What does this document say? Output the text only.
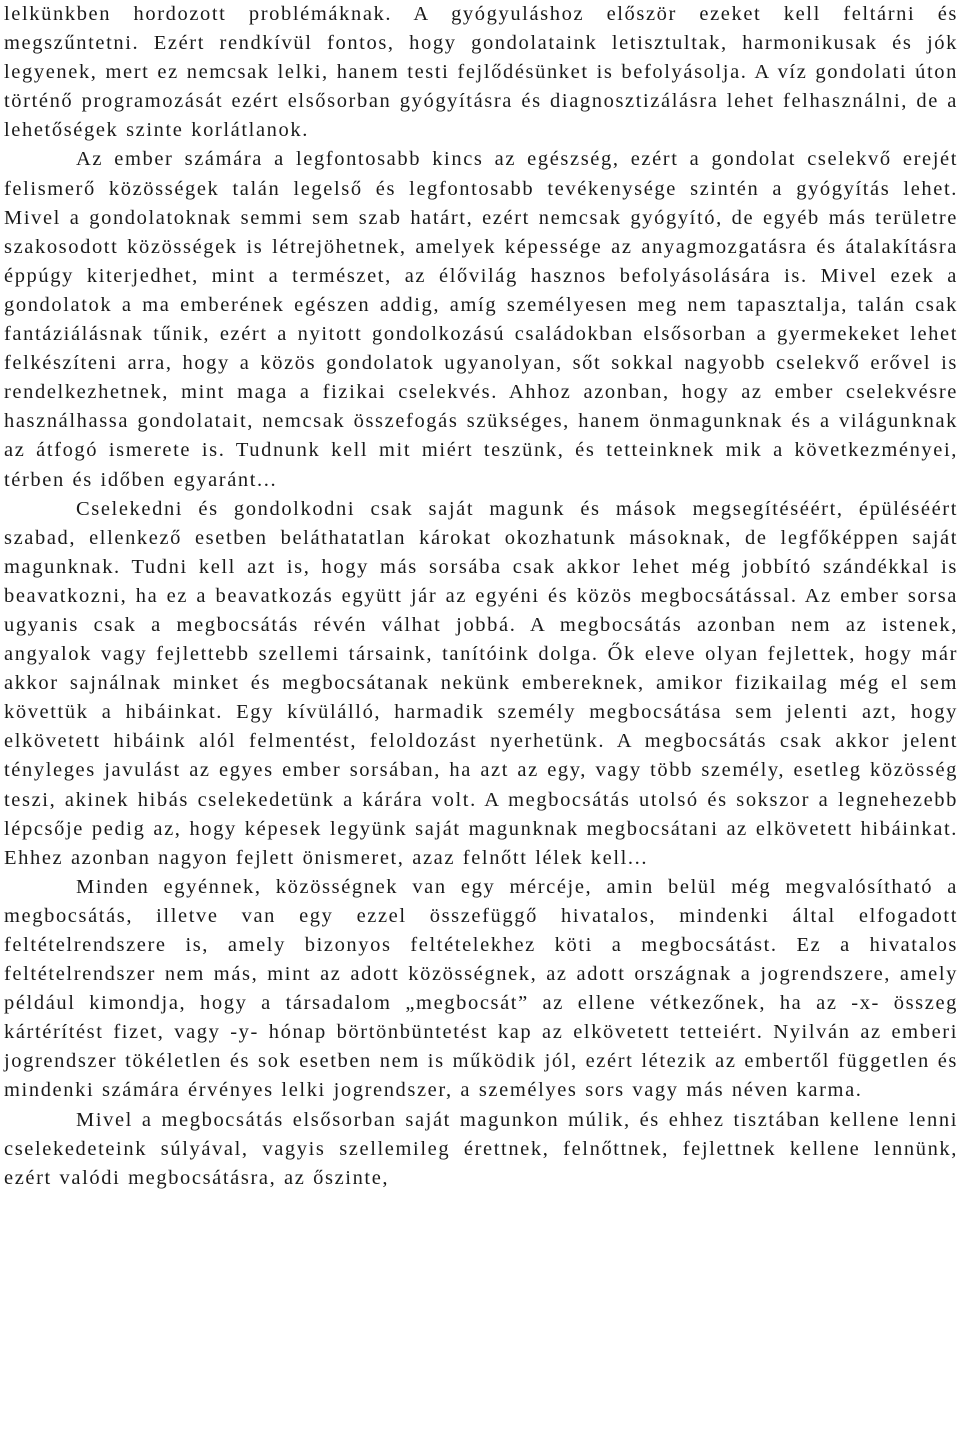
lelkünkben hordozott problémáknak. A gyógyuláshoz először ezeket kell feltárni és megszűntetni. Ezért rendkívül fontos, hogy gondolataink letisztultak, harmonikusak és jók legyenek, mert ez nemcsak lelki, hanem testi fejlődésünket is befolyásolja. A víz gondolati úton történő programozását ezért elsősorban gyógyításra és diagnosztizálásra lehet felhasználni, de a lehetőségek szinte korlátlanok.

Az ember számára a legfontosabb kincs az egészség, ezért a gondolat cselekvő erejét felismerő közösségek talán legelső és legfontosabb tevékenysége szintén a gyógyítás lehet. Mivel a gondolatoknak semmi sem szab határt, ezért nemcsak gyógyító, de egyéb más területre szakosodott közösségek is létrejöhetnek, amelyek képessége az anyagmozgatásra és átalakításra éppúgy kiterjedhet, mint a természet, az élővilág hasznos befolyásolására is. Mivel ezek a gondolatok a ma emberének egészen addig, amíg személyesen meg nem tapasztalja, talán csak fantáziálásnak tűnik, ezért a nyitott gondolkozású családokban elsősorban a gyermekeket lehet felkészíteni arra, hogy a közös gondolatok ugyanolyan, sőt sokkal nagyobb cselekvő erővel is rendelkezhetnek, mint maga a fizikai cselekvés. Ahhoz azonban, hogy az ember cselekvésre használhassa gondolatait, nemcsak összefogás szükséges, hanem önmagunknak és a világunknak az átfogó ismerete is. Tudnunk kell mit miért teszünk, és tetteinknek mik a következményei, térben és időben egyaránt...

Cselekedni és gondolkodni csak saját magunk és mások megsegítéséért, épüléséért szabad, ellenkező esetben beláthatatlan károkat okozhatunk másoknak, de legfőképpen saját magunknak. Tudni kell azt is, hogy más sorsába csak akkor lehet még jobbító szándékkal is beavatkozni, ha ez a beavatkozás együtt jár az egyéni és közös megbocsátással. Az ember sorsa ugyanis csak a megbocsátás révén válhat jobbá. A megbocsátás azonban nem az istenek, angyalok vagy fejlettebb szellemi társaink, tanítóink dolga. Ők eleve olyan fejlettek, hogy már akkor sajnálnak minket és megbocsátanak nekünk embereknek, amikor fizikailag még el sem követtük a hibáinkat. Egy kívülálló, harmadik személy megbocsátása sem jelenti azt, hogy elkövetett hibáink alól felmentést, feloldozást nyerhetünk. A megbocsátás csak akkor jelent tényleges javulást az egyes ember sorsában, ha azt az egy, vagy több személy, esetleg közösség teszi, akinek hibás cselekedetünk a kárára volt. A megbocsátás utolsó és sokszor a legnehezebb lépcsője pedig az, hogy képesek legyünk saját magunknak megbocsátani az elkövetett hibáinkat. Ehhez azonban nagyon fejlett önismeret, azaz felnőtt lélek kell...

Minden egyénnek, közösségnek van egy mércéje, amin belül még megvalósítható a megbocsátás, illetve van egy ezzel összefüggő hivatalos, mindenki által elfogadott feltételrendszere is, amely bizonyos feltételekhez köti a megbocsátást. Ez a hivatalos feltételrendszer nem más, mint az adott közösségnek, az adott országnak a jogrendszere, amely például kimondja, hogy a társadalom „megbocsát” az ellene vétkezőnek, ha az -x- összeg kártérítést fizet, vagy -y- hónap börtönbüntetést kap az elkövetett tetteiért. Nyilván az emberi jogrendszer tökéletlen és sok esetben nem is működik jól, ezért létezik az embertől független és mindenki számára érvényes lelki jogrendszer, a személyes sors vagy más néven karma.

Mivel a megbocsátás elsősorban saját magunkon múlik, és ehhez tisztában kellene lenni cselekedeteink súlyával, vagyis szellemileg érettnek, felnőttnek, fejlettnek kellene lennünk, ezért valódi megbocsátásra, az őszinte,
